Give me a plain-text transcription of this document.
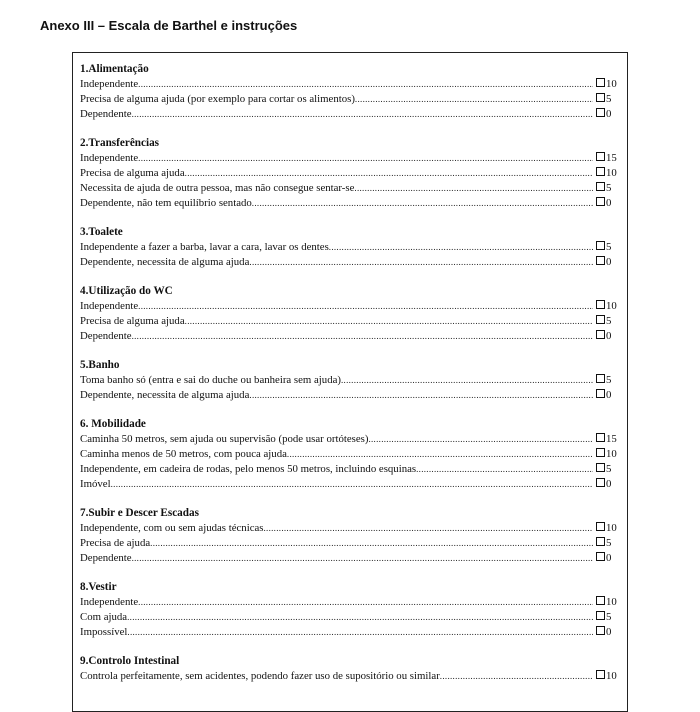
Anexo III – Escala de Barthel e instruções
1.Alimentação
Independente .....	10
Precisa de alguma ajuda (por exemplo para cortar os alimentos) .....	5
Dependente .....	0
2.Transferências
Independente .....	15
Precisa de alguma ajuda .....	10
Necessita de ajuda de outra pessoa, mas não consegue sentar-se .....	5
Dependente, não tem equilíbrio sentado .....	0
3.Toalete
Independente a fazer a barba, lavar a cara, lavar os dentes .....	5
Dependente, necessita de alguma ajuda .....	0
4.Utilização do WC
Independente .....	10
Precisa de alguma ajuda .....	5
Dependente .....	0
5.Banho
Toma banho só (entra e sai do duche ou banheira sem ajuda) .....	5
Dependente, necessita de alguma ajuda .....	0
6. Mobilidade
Caminha 50 metros, sem ajuda ou supervisão (pode usar ortóteses) .....	15
Caminha menos de 50 metros, com pouca ajuda .....	10
Independente, em cadeira de rodas, pelo menos 50 metros, incluindo esquinas .....	5
Imóvel .....	0
7.Subir e Descer Escadas
Independente, com ou sem ajudas técnicas .....	10
Precisa de ajuda .....	5
Dependente .....	0
8.Vestir
Independente .....	10
Com ajuda .....	5
Impossível .....	0
9.Controlo Intestinal
Controla perfeitamente, sem acidentes, podendo fazer uso de supositório ou similar .....	10
